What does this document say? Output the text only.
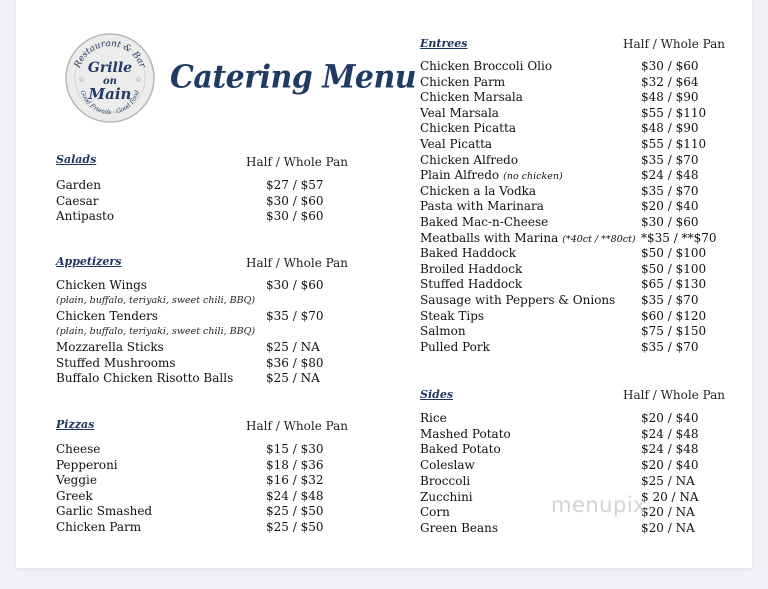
Restaurant & Bar
Good Friends · Good Food
Grille
on
Main
☆	☆ Catering Menu
Salads	Half / Whole Pan
Garden	$27 / $57
Caesar	$30 / $60
Antipasto	$30 / $60
Appetizers	Half / Whole Pan
Chicken Wings	$30 / $60
(plain, buffalo, teriyaki, sweet chili, BBQ)
Chicken Tenders	$35 / $70
(plain, buffalo, teriyaki, sweet chili, BBQ)
Mozzarella Sticks	$25 / NA
Stuffed Mushrooms	$36 / $80
Buffalo Chicken Risotto Balls	$25 / NA
Pizzas	Half / Whole Pan
Cheese	$15 / $30
Pepperoni	$18 / $36
Veggie	$16 / $32
Greek	$24 / $48
Garlic Smashed	$25 / $50
Chicken Parm	$25 / $50
Entrees	Half / Whole Pan
Chicken Broccoli Olio	$30 / $60
Chicken Parm	$32 / $64
Chicken Marsala	$48 / $90
Veal Marsala	$55 / $110
Chicken Picatta	$48 / $90
Veal Picatta	$55 / $110
Chicken Alfredo	$35 / $70
Plain Alfredo (no chicken)	$24 / $48
Chicken a la Vodka	$35 / $70
Pasta with Marinara	$20 / $40
Baked Mac-n-Cheese	$30 / $60
Meatballs with Marina (*40ct / **80ct) *$35 / **$70
Baked Haddock	$50 / $100
Broiled Haddock	$50 / $100
Stuffed Haddock	$65 / $130
Sausage with Peppers & Onions $35 / $70
Steak Tips	$60 / $120
Salmon	$75 / $150
Pulled Pork	$35 / $70
Sides	Half / Whole Pan
Rice	$20 / $40
Mashed Potato	$24 / $48
Baked Potato	$24 / $48
Coleslaw	$20 / $40
Broccoli	$25 / NA
Zucchini	$ 20 / NA
Corn	$20 / NA
Green Beans	$20 / NA
menupix
